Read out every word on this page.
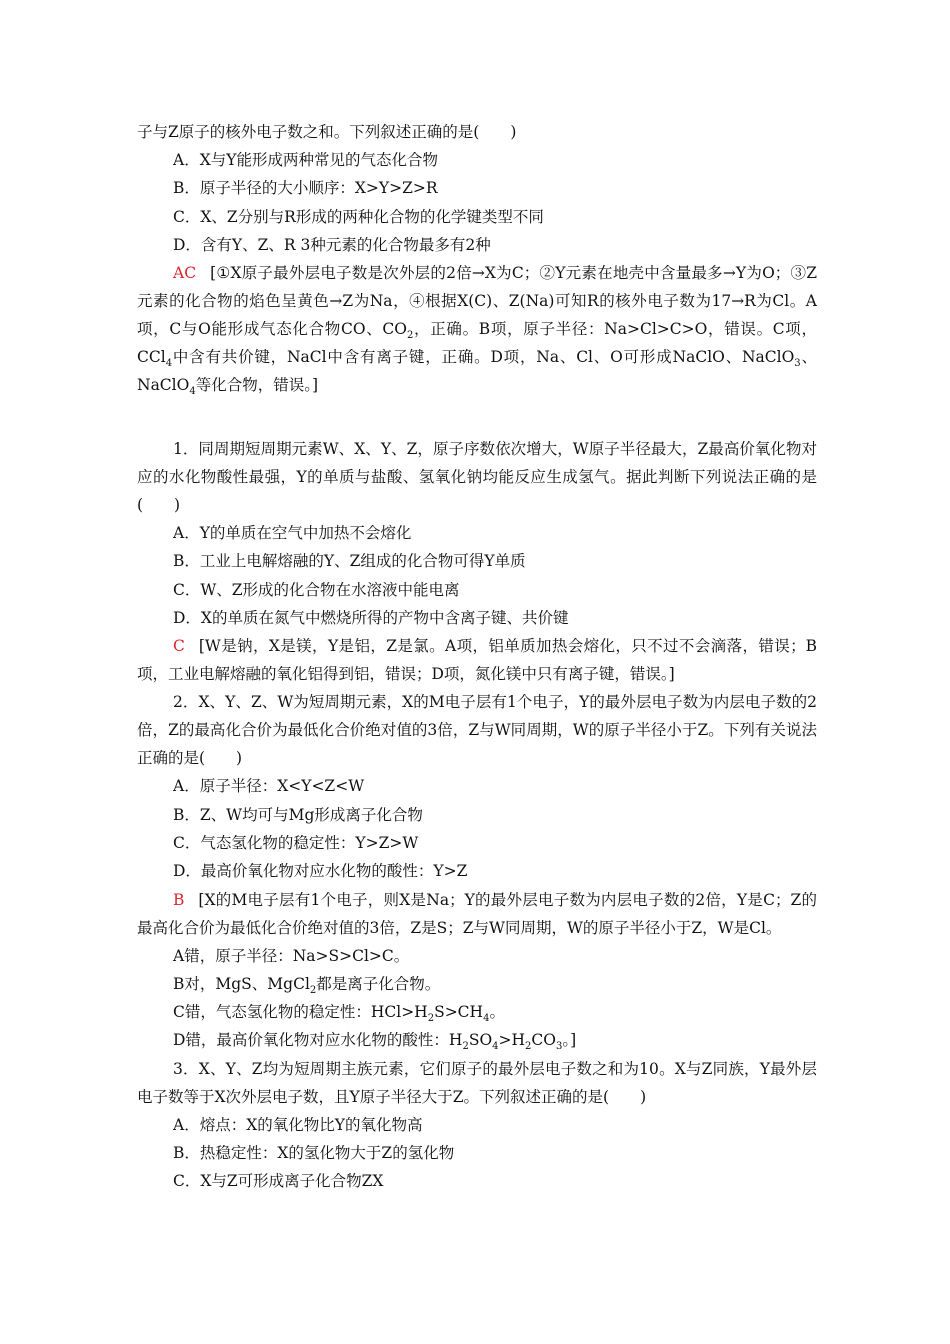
子与Z原子的核外电子数之和。下列叙述正确的是(　　)

A．X与Y能形成两种常见的气态化合物

B．原子半径的大小顺序：X>Y>Z>R

C．X、Z分别与R形成的两种化合物的化学键类型不同

D．含有Y、Z、R 3种元素的化合物最多有2种

AC [①X原子最外层电子数是次外层的2倍→X为C；②Y元素在地壳中含量最多→Y为O；③Z元素的化合物的焰色呈黄色→Z为Na，④根据X(C)、Z(Na)可知R的核外电子数为17→R为Cl。A项，C与O能形成气态化合物CO、$CO_2$，正确。B项，原子半径：Na>Cl>C>O，错误。C项，CCl$_4$中含有共价键，NaCl中含有离子键，正确。D项，Na、Cl、O可形成NaClO、NaClO$_3$、NaClO$_4$等化合物，错误。]

1．同周期短周期元素W、X、Y、Z，原子序数依次增大，W原子半径最大，Z最高价氧化物对应的水化物酸性最强，Y的单质与盐酸、氢氧化钠均能反应生成氢气。据此判断下列说法正确的是(　　)

A．Y的单质在空气中加热不会熔化

B．工业上电解熔融的Y、Z组成的化合物可得Y单质

C．W、Z形成的化合物在水溶液中能电离

D．X的单质在氮气中燃烧所得的产物中含离子键、共价键

C [W是钠，X是镁，Y是铝，Z是氯。A项，铝单质加热会熔化，只不过不会滴落，错误；B项，工业电解熔融的氧化铝得到铝，错误；D项，氮化镁中只有离子键，错误。]

2．X、Y、Z、W为短周期元素，X的M电子层有1个电子，Y的最外层电子数为内层电子数的2倍，Z的最高化合价为最低化合价绝对值的3倍，Z与W同周期，W的原子半径小于Z。下列有关说法正确的是(　　)

A．原子半径：X<Y<Z<W

B．Z、W均可与Mg形成离子化合物

C．气态氢化物的稳定性：Y>Z>W

D．最高价氧化物对应水化物的酸性：Y>Z

B [X的M电子层有1个电子，则X是Na；Y的最外层电子数为内层电子数的2倍，Y是C；Z的最高化合价为最低化合价绝对值的3倍，Z是S；Z与W同周期，W的原子半径小于Z，W是Cl。

A错，原子半径：Na>S>Cl>C。

B对，MgS、MgCl$_2$都是离子化合物。

C错，气态氢化物的稳定性：$HCl>H_2S>CH_4$。

D错，最高价氧化物对应水化物的酸性：$H_2SO_4>H_2CO_3$。]

3．X、Y、Z均为短周期主族元素，它们原子的最外层电子数之和为10。X与Z同族，Y最外层电子数等于X次外层电子数，且Y原子半径大于Z。下列叙述正确的是(　　)

A．熔点：X的氧化物比Y的氧化物高

B．热稳定性：X的氢化物大于Z的氢化物

C．X与Z可形成离子化合物ZX
